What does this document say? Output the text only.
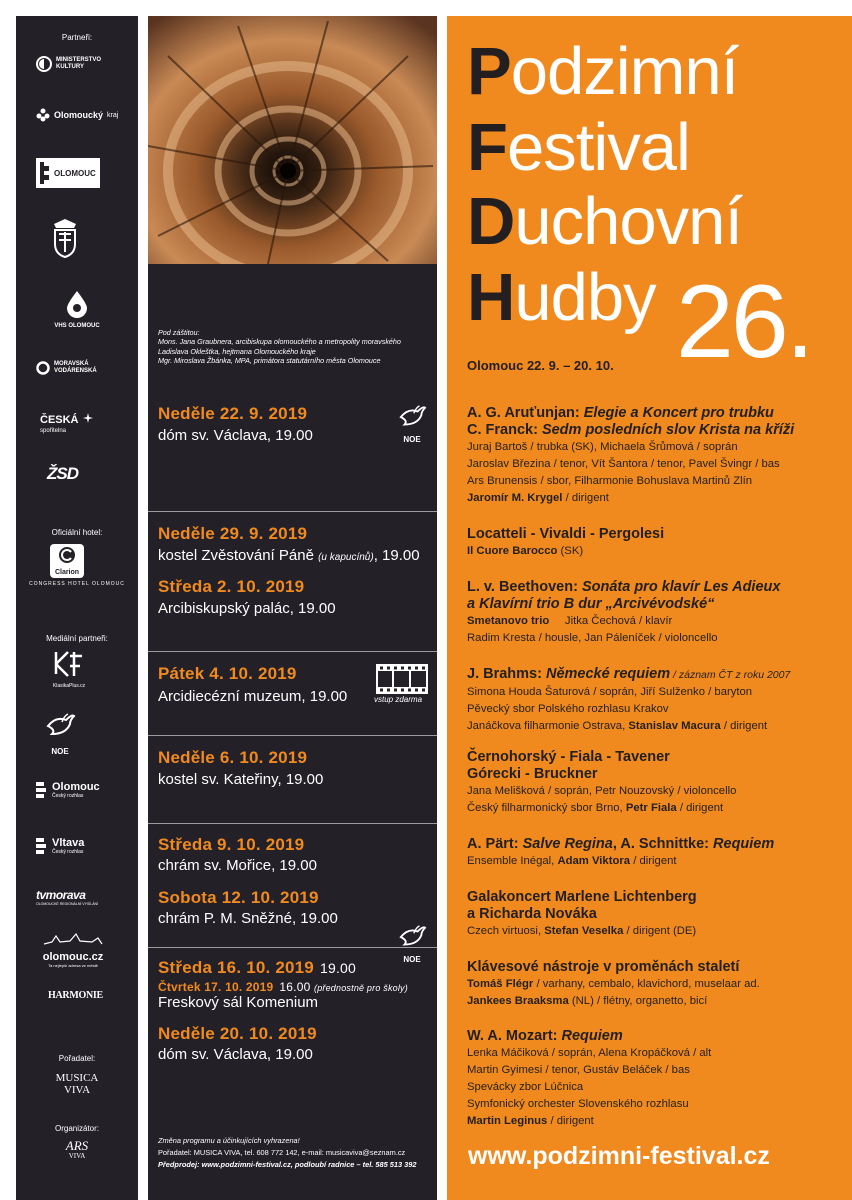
Partneři:
MINISTERSTVO KULTURY
Olomoucký kraj
OLOMOUC
VHS OLOMOUC
MORAVSKÁ VODÁRENSKÁ
ČESKÁ
spořitelna
ŽSD
Oficiální hotel:
Clarion
CONGRESS HOTEL OLOMOUC
Mediální partneři:
KlasikaPlus.cz
NOE
Olomouc
Český rozhlas
Vltava
Český rozhlas
tvmorava
OLOMOUCKÉ REGIONÁLNÍ VYSÍLÁNÍ
olomouc.cz
Ta nejlepší adresa ve městě
HARMONIE
Pořadatel:
MUSICA
VIVA
Organizátor:
ARS
VIVA
Pod záštitou:
Mons. Jana Graubnera, arcibiskupa olomouckého a metropolity moravského
Ladislava Okleštka, hejtmana Olomouckého kraje
Mgr. Miroslava Žbánka, MPA, primátora statutárního města Olomouce
Neděle 22. 9. 2019
dóm sv. Václava, 19.00	NOE
Neděle 29. 9. 2019
kostel Zvěstování Páně (u kapucínů), 19.00
Středa 2. 10. 2019
Arcibiskupský palác, 19.00
Pátek 4. 10. 2019
Arcidiecézní muzeum, 19.00	vstup zdarma
Neděle 6. 10. 2019
kostel sv. Kateřiny, 19.00
Středa 9. 10. 2019
chrám sv. Mořice, 19.00
Sobota 12. 10. 2019
chrám P. M. Sněžné, 19.00
NOE
Středa 16. 10. 2019 19.00
Čtvrtek 17. 10. 2019 16.00 (přednostně pro školy)
Freskový sál Komenium
Neděle 20. 10. 2019
dóm sv. Václava, 19.00
Změna programu a účinkujících vyhrazena!
Pořadatel: MUSICA VIVA, tel. 608 772 142, e-mail: musicaviva@seznam.cz
Předprodej: www.podzimni-festival.cz, podloubí radnice – tel. 585 513 392
Podzimní
Festival
Duchovní
Hudby 26.
Olomouc 22. 9. – 20. 10.
A. G. Aruťunjan: Elegie a Koncert pro trubku
C. Franck: Sedm posledních slov Krista na kříži
Juraj Bartoš / trubka (SK), Michaela Šrůmová / soprán
Jaroslav Březina / tenor, Vít Šantora / tenor, Pavel Švingr / bas
Ars Brunensis / sbor, Filharmonie Bohuslava Martinů Zlín
Jaromír M. Krygel / dirigent
Locatteli - Vivaldi - Pergolesi
Il Cuore Barocco (SK)
L. v. Beethoven: Sonáta pro klavír Les Adieux
a Klavírní trio B dur „Arcivévodské“
Smetanovo trio     Jitka Čechová / klavír
Radim Kresta / housle, Jan Páleníček / violoncello
J. Brahms: Německé requiem / záznam ČT z roku 2007
Simona Houda Šaturová / soprán, Jiří Sulženko / baryton
Pěvecký sbor Polského rozhlasu Krakov
Janáčkova filharmonie Ostrava, Stanislav Macura / dirigent
Černohorský - Fiala - Tavener
Górecki - Bruckner
Jana Melišková / soprán, Petr Nouzovský / violoncello
Český filharmonický sbor Brno, Petr Fiala / dirigent
A. Pärt: Salve Regina, A. Schnittke: Requiem
Ensemble Inégal, Adam Viktora / dirigent
Galakoncert Marlene Lichtenberg
a Richarda Nováka
Czech virtuosi, Stefan Veselka / dirigent (DE)
Klávesové nástroje v proměnách staletí
Tomáš Flégr / varhany, cembalo, klavichord, muselaar ad.
Jankees Braaksma (NL) / flétny, organetto, bicí
W. A. Mozart: Requiem
Lenka Máčiková / soprán, Alena Kropáčková / alt
Martin Gyimesi / tenor, Gustáv Beláček / bas
Spevácky zbor Lúčnica
Symfonický orchester Slovenského rozhlasu
Martin Leginus / dirigent
www.podzimni-festival.cz
